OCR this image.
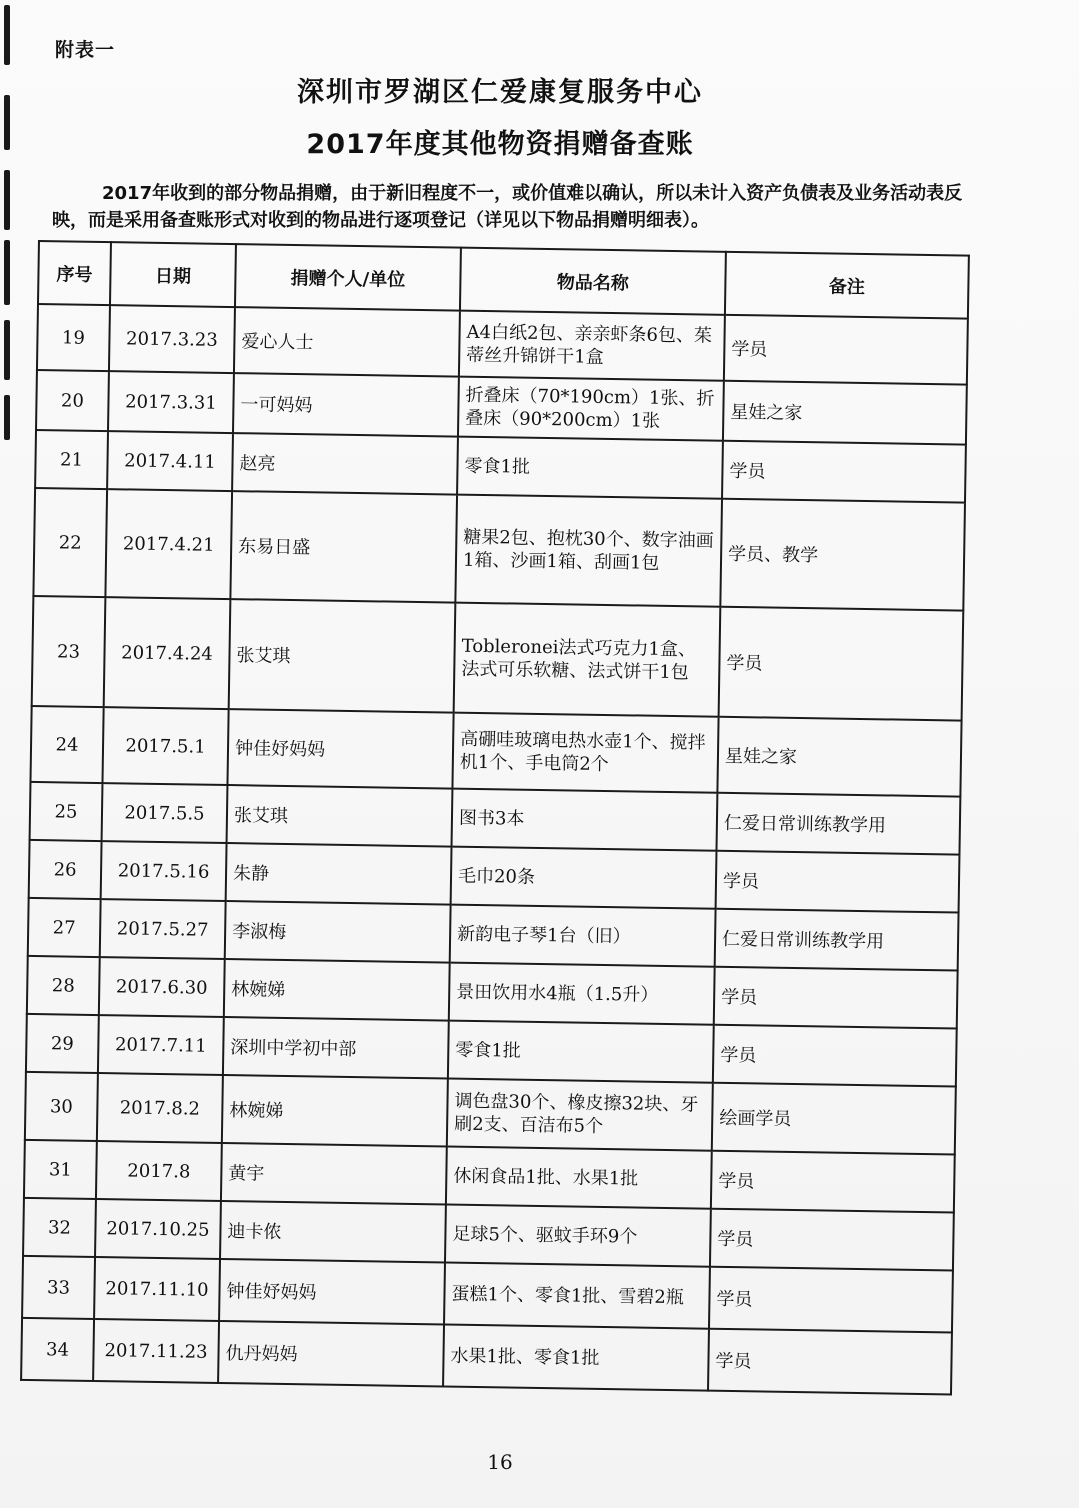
附表一
深圳市罗湖区仁爱康复服务中心
2017年度其他物资捐赠备查账
2017年收到的部分物品捐赠，由于新旧程度不一，或价值难以确认，所以未计入资产负债表及业务活动表反映，而是采用备查账形式对收到的物品进行逐项登记（详见以下物品捐赠明细表）。
序号	日期	捐赠个人/单位	物品名称	备注
19	2017.3.23	爱心人士	A4白纸2包、亲亲虾条6包、茱蒂丝升锦饼干1盒	学员
20	2017.3.31	一可妈妈	折叠床（70*190cm）1张、折叠床（90*200cm）1张	星娃之家
21	2017.4.11	赵亮	零食1批	学员
22	2017.4.21	东易日盛	糖果2包、抱枕30个、数字油画1箱、沙画1箱、刮画1包	学员、教学
23	2017.4.24	张艾琪	Tobleronei法式巧克力1盒、法式可乐软糖、法式饼干1包	学员
24	2017.5.1	钟佳妤妈妈	高硼哇玻璃电热水壶1个、搅拌机1个、手电筒2个	星娃之家
25	2017.5.5	张艾琪	图书3本	仁爱日常训练教学用
26	2017.5.16	朱静	毛巾20条	学员
27	2017.5.27	李淑梅	新韵电子琴1台（旧）	仁爱日常训练教学用
28	2017.6.30	林婉娣	景田饮用水4瓶（1.5升）	学员
29	2017.7.11	深圳中学初中部	零食1批	学员
30	2017.8.2	林婉娣	调色盘30个、橡皮擦32块、牙刷2支、百洁布5个	绘画学员
31	2017.8	黄宇	休闲食品1批、水果1批	学员
32	2017.10.25	迪卡侬	足球5个、驱蚊手环9个	学员
33	2017.11.10	钟佳妤妈妈	蛋糕1个、零食1批、雪碧2瓶	学员
34	2017.11.23	仇丹妈妈	水果1批、零食1批	学员
16
